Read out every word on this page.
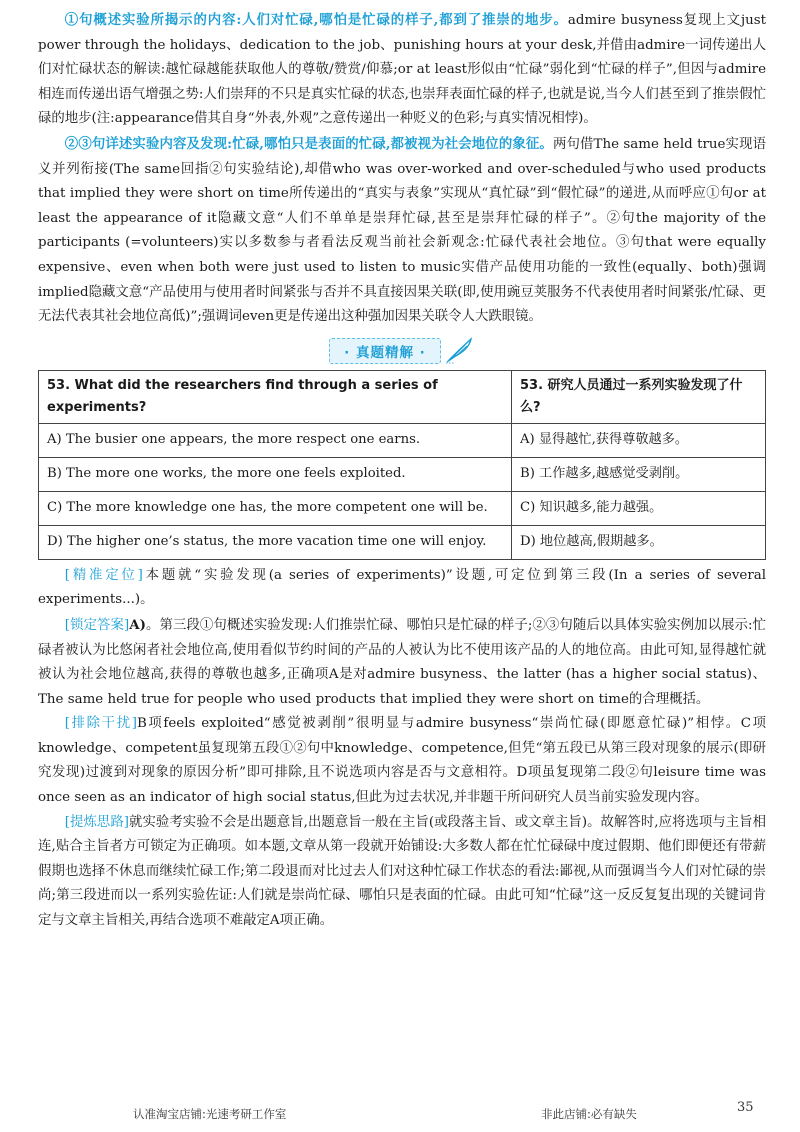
①句概述实验所揭示的内容:人们对忙碌,哪怕是忙碌的样子,都到了推崇的地步。admire busyness复现上文just power through the holidays、dedication to the job、punishing hours at your desk,并借由admire一词传递出人们对忙碌状态的解读:越忙碌越能获取他人的尊敬/赞赏/仰慕;or at least形似由“忙碌”弱化到“忙碌的样子”,但因与admire相连而传递出语气增强之势:人们崇拜的不只是真实忙碌的状态,也崇拜表面忙碌的样子,也就是说,当今人们甚至到了推崇假忙碌的地步(注:appearance借其自身“外表,外观”之意传递出一种贬义的色彩;与真实情况相悖)。

②③句详述实验内容及发现:忙碌,哪怕只是表面的忙碌,都被视为社会地位的象征。两句借The same held true实现语义并列衔接(The same回指②句实验结论),却借who was over-worked and over-scheduled与who used products that implied they were short on time所传递出的“真实与表象”实现从“真忙碌”到“假忙碌”的递进,从而呼应①句or at least the appearance of it隐藏文意“人们不单单是崇拜忙碌,甚至是崇拜忙碌的样子”。②句the majority of the participants (=volunteers)实以多数参与者看法反观当前社会新观念:忙碌代表社会地位。③句that were equally expensive、even when both were just used to listen to music实借产品使用功能的一致性(equally、both)强调implied隐藏文意“产品使用与使用者时间紧张与否并不具直接因果关联(即,使用豌豆荚服务不代表使用者时间紧张/忙碌、更无法代表其社会地位高低)”;强调词even更是传递出这种强加因果关联令人大跌眼镜。

· 真题精解 ·
53. What did the researchers find through a series of experiments?	53. 研究人员通过一系列实验发现了什么?
A) The busier one appears, the more respect one earns.	A) 显得越忙,获得尊敬越多。
B) The more one works, the more one feels exploited.	B) 工作越多,越感觉受剥削。
C) The more knowledge one has, the more competent one will be.	C) 知识越多,能力越强。
D) The higher one’s status, the more vacation time one will enjoy.	D) 地位越高,假期越多。

[精准定位]本题就“实验发现(a series of experiments)”设题,可定位到第三段(In a series of several experiments...)。

[锁定答案]A)。第三段①句概述实验发现:人们推崇忙碌、哪怕只是忙碌的样子;②③句随后以具体实验实例加以展示:忙碌者被认为比悠闲者社会地位高,使用看似节约时间的产品的人被认为比不使用该产品的人的地位高。由此可知,显得越忙就被认为社会地位越高,获得的尊敬也越多,正确项A是对admire busyness、the latter (has a higher social status)、The same held true for people who used products that implied they were short on time的合理概括。

[排除干扰]B项feels exploited“感觉被剥削”很明显与admire busyness“崇尚忙碌(即愿意忙碌)”相悖。C项knowledge、competent虽复现第五段①②句中knowledge、competence,但凭“第五段已从第三段对现象的展示(即研究发现)过渡到对现象的原因分析”即可排除,且不说选项内容是否与文意相符。D项虽复现第二段②句leisure time was once seen as an indicator of high social status,但此为过去状况,并非题干所问研究人员当前实验发现内容。

[提炼思路]就实验考实验不会是出题意旨,出题意旨一般在主旨(或段落主旨、或文章主旨)。故解答时,应将选项与主旨相连,贴合主旨者方可锁定为正确项。如本题,文章从第一段就开始铺设:大多数人都在忙忙碌碌中度过假期、他们即便还有带薪假期也选择不休息而继续忙碌工作;第二段退而对比过去人们对这种忙碌工作状态的看法:鄙视,从而强调当今人们对忙碌的崇尚;第三段进而以一系列实验佐证:人们就是崇尚忙碌、哪怕只是表面的忙碌。由此可知“忙碌”这一反反复复出现的关键词肯定与文章主旨相关,再结合选项不难敲定A项正确。

认准淘宝店铺:光速考研工作室	非此店铺:必有缺失	35
